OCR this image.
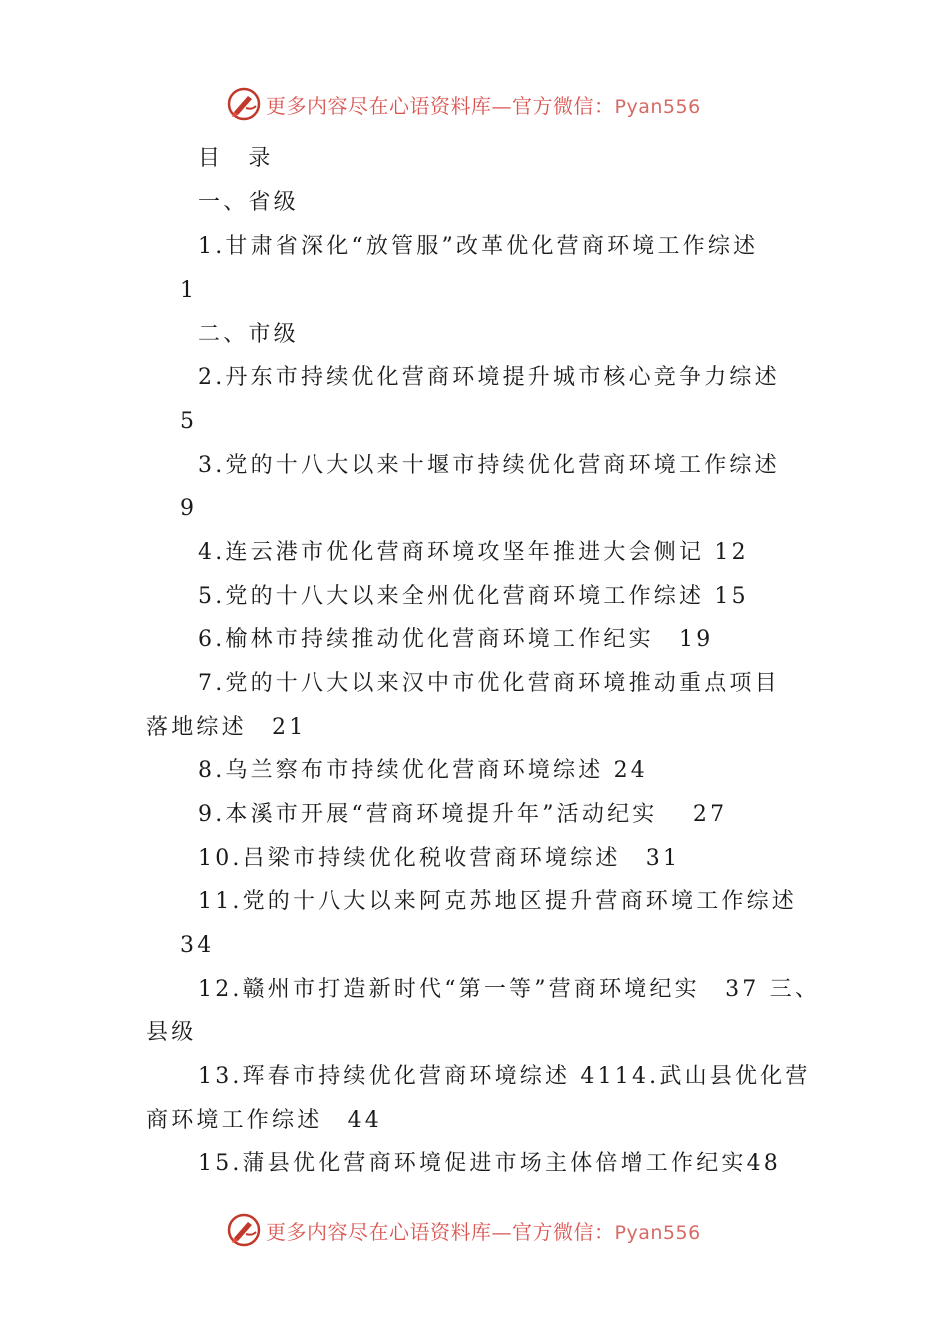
更多内容尽在心语资料库—官方微信：Pyan556
目　录
一、省级
1.甘肃省深化“放管服”改革优化营商环境工作综述
1
二、市级
2.丹东市持续优化营商环境提升城市核心竞争力综述
5
3.党的十八大以来十堰市持续优化营商环境工作综述
9
4.连云港市优化营商环境攻坚年推进大会侧记 12
5.党的十八大以来全州优化营商环境工作综述 15
6.榆林市持续推动优化营商环境工作纪实　19
7.党的十八大以来汉中市优化营商环境推动重点项目
落地综述　21
8.乌兰察布市持续优化营商环境综述 24
9.本溪市开展“营商环境提升年”活动纪实　 27
10.吕梁市持续优化税收营商环境综述　31
11.党的十八大以来阿克苏地区提升营商环境工作综述
34
12.赣州市打造新时代“第一等”营商环境纪实　37 三、
县级
13.珲春市持续优化营商环境综述 4114.武山县优化营
商环境工作综述　44
15.蒲县优化营商环境促进市场主体倍增工作纪实48
更多内容尽在心语资料库—官方微信：Pyan556
